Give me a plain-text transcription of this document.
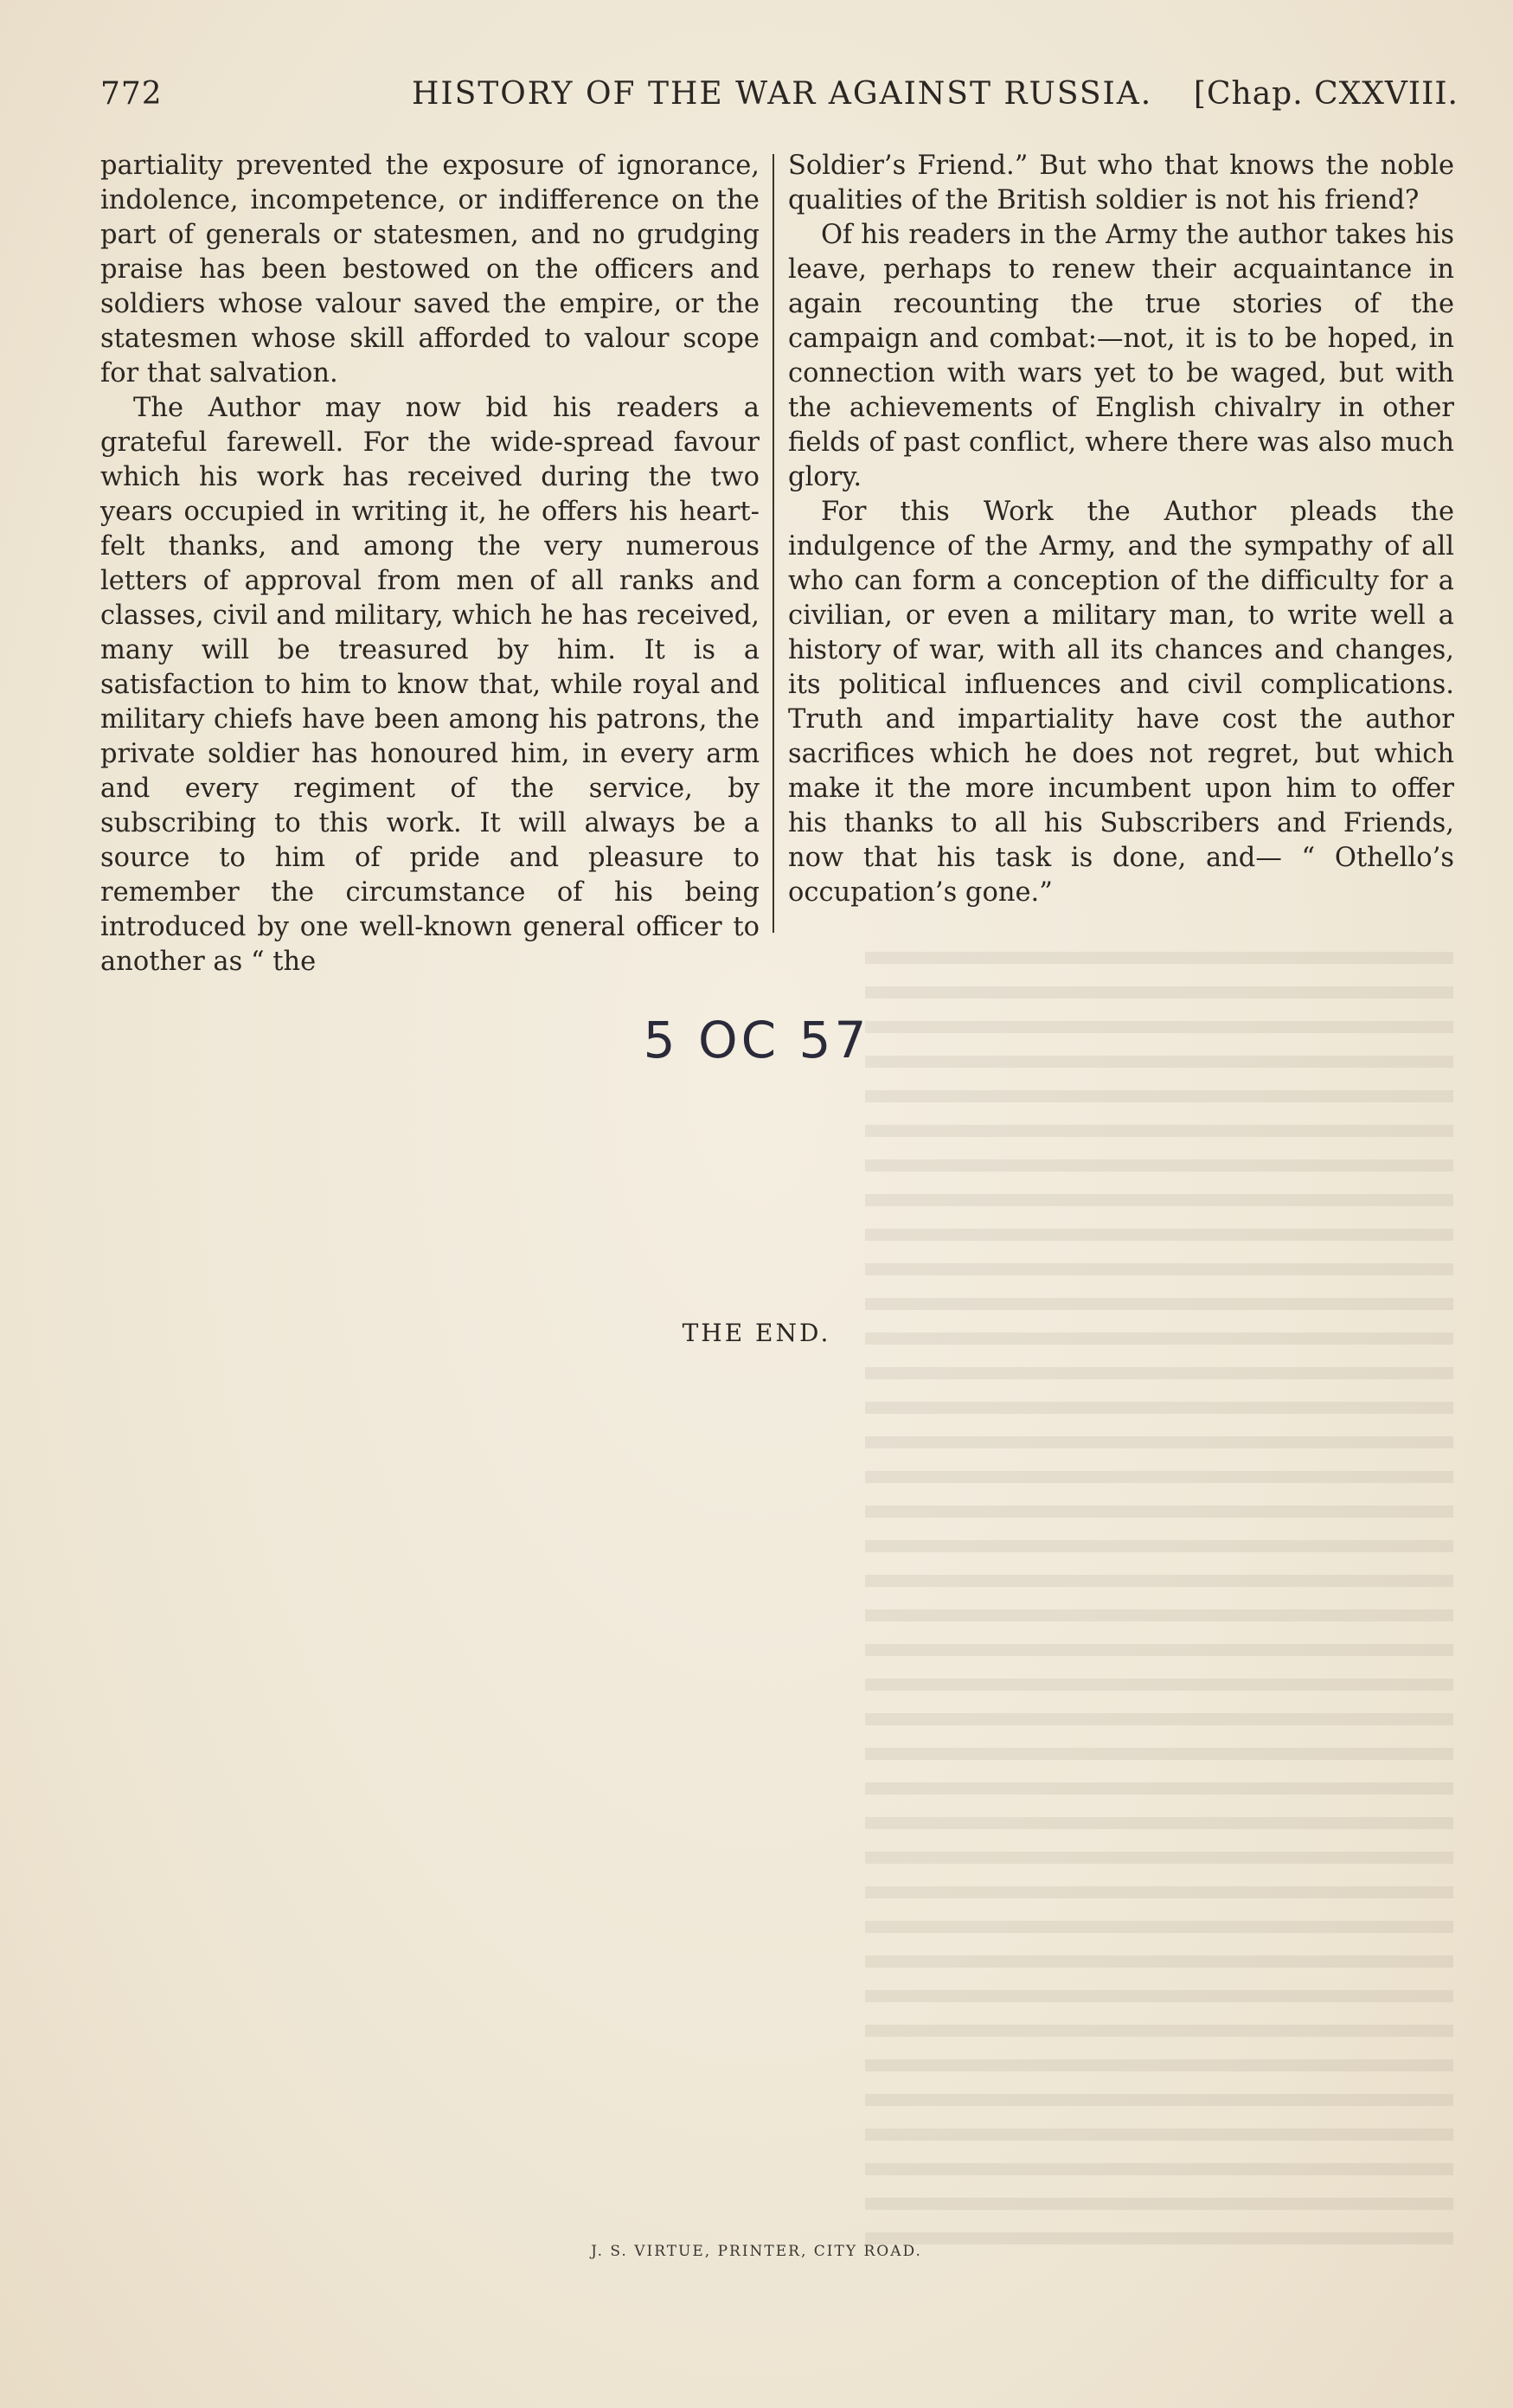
772	HISTORY OF THE WAR AGAINST RUSSIA. [Chap. CXXVIII.

partiality prevented the exposure of ignorance, indolence, incompetence, or indifference on the part of generals or statesmen, and no grudging praise has been bestowed on the officers and soldiers whose valour saved the empire, or the statesmen whose skill afforded to valour scope for that salvation.

The Author may now bid his readers a grateful farewell. For the wide-spread favour which his work has received during the two years occupied in writing it, he offers his heart-felt thanks, and among the very numerous letters of approval from men of all ranks and classes, civil and military, which he has received, many will be treasured by him. It is a satisfaction to him to know that, while royal and military chiefs have been among his patrons, the private soldier has honoured him, in every arm and every regiment of the service, by subscribing to this work. It will always be a source to him of pride and pleasure to remember the circumstance of his being introduced by one well-known general officer to another as “ the

Soldier’s Friend.” But who that knows the noble qualities of the British soldier is not his friend?

Of his readers in the Army the author takes his leave, perhaps to renew their acquaintance in again recounting the true stories of the campaign and combat:—not, it is to be hoped, in connection with wars yet to be waged, but with the achievements of English chivalry in other fields of past conflict, where there was also much glory.

For this Work the Author pleads the indulgence of the Army, and the sympathy of all who can form a conception of the difficulty for a civilian, or even a military man, to write well a history of war, with all its chances and changes, its political influences and civil complications. Truth and impartiality have cost the author sacrifices which he does not regret, but which make it the more incumbent upon him to offer his thanks to all his Subscribers and Friends, now that his task is done, and— “ Othello’s occupation’s gone.”

5 OC 57
THE END.
J. S. VIRTUE, PRINTER, CITY ROAD.
